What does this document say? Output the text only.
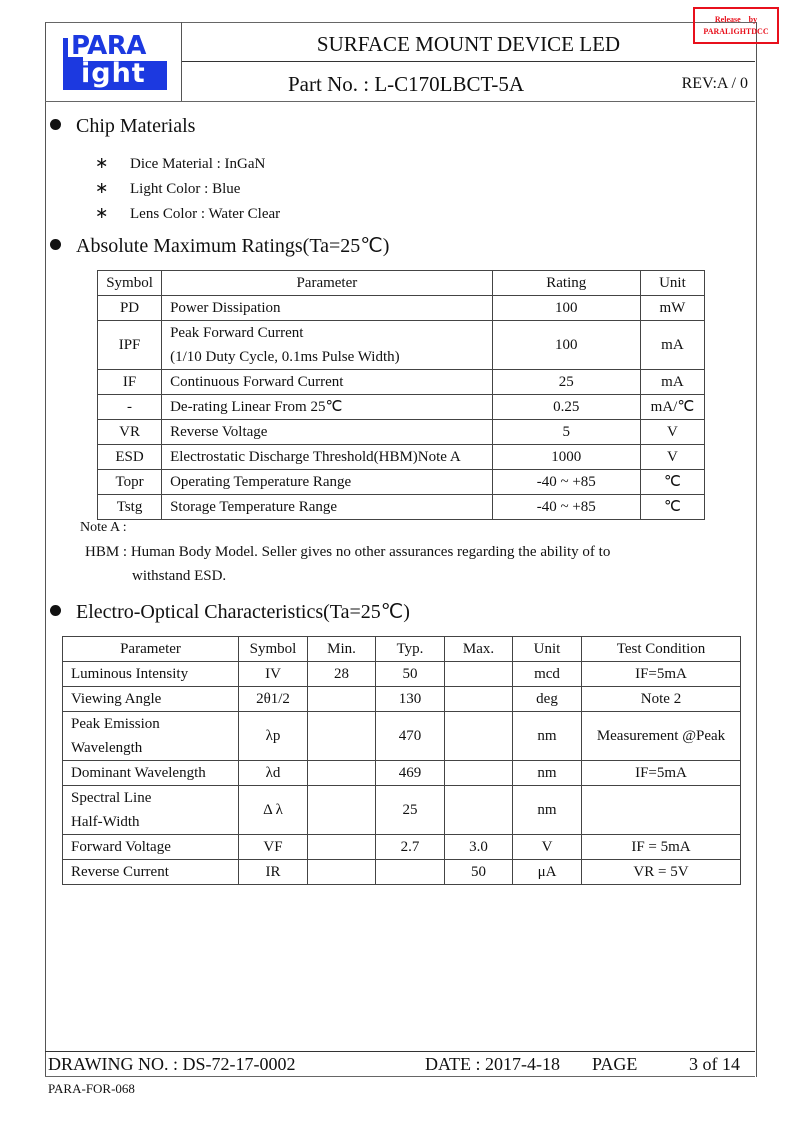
PARA
ight
SURFACE MOUNT DEVICE LED
Part No. : L-C170LBCT-5A	REV:A / 0
Release    by
PARALIGHTDCC
Chip Materials
∗ Dice Material : InGaN
∗ Light Color : Blue
∗ Lens Color : Water Clear
Absolute Maximum Ratings(Ta=25℃)
Symbol	Parameter	Rating	Unit
PD	Power Dissipation	100	mW
IPF	Peak Forward Current
(1/10 Duty Cycle, 0.1ms Pulse Width)	100	mA
IF	Continuous Forward Current	25	mA
-	De-rating Linear From 25℃	0.25	mA/℃
VR	Reverse Voltage	5	V
ESD	Electrostatic Discharge Threshold(HBM)Note A	1000	V
Topr	Operating Temperature Range	-40 ~ +85	℃
Tstg	Storage Temperature Range	-40 ~ +85	℃
Note A :
HBM : Human Body Model. Seller gives no other assurances regarding the ability of to
withstand ESD.
Electro-Optical Characteristics(Ta=25℃)
Parameter	Symbol	Min.	Typ.	Max.	Unit	Test Condition
Luminous Intensity	IV	28	50		mcd	IF=5mA
Viewing Angle	2θ1/2		130		deg	Note 2

Peak Emission
Wavelength	λp		470		nm	Measurement @Peak
Dominant Wavelength	λd		469		nm	IF=5mA

Spectral Line
Half-Width	Δ λ		25		nm	
Forward Voltage	VF		2.7	3.0	V	IF = 5mA
Reverse Current	IR			50	μA	VR = 5V
DRAWING NO. : DS-72-17-0002	DATE : 2017-4-18 PAGE	3 of 14
PARA-FOR-068
